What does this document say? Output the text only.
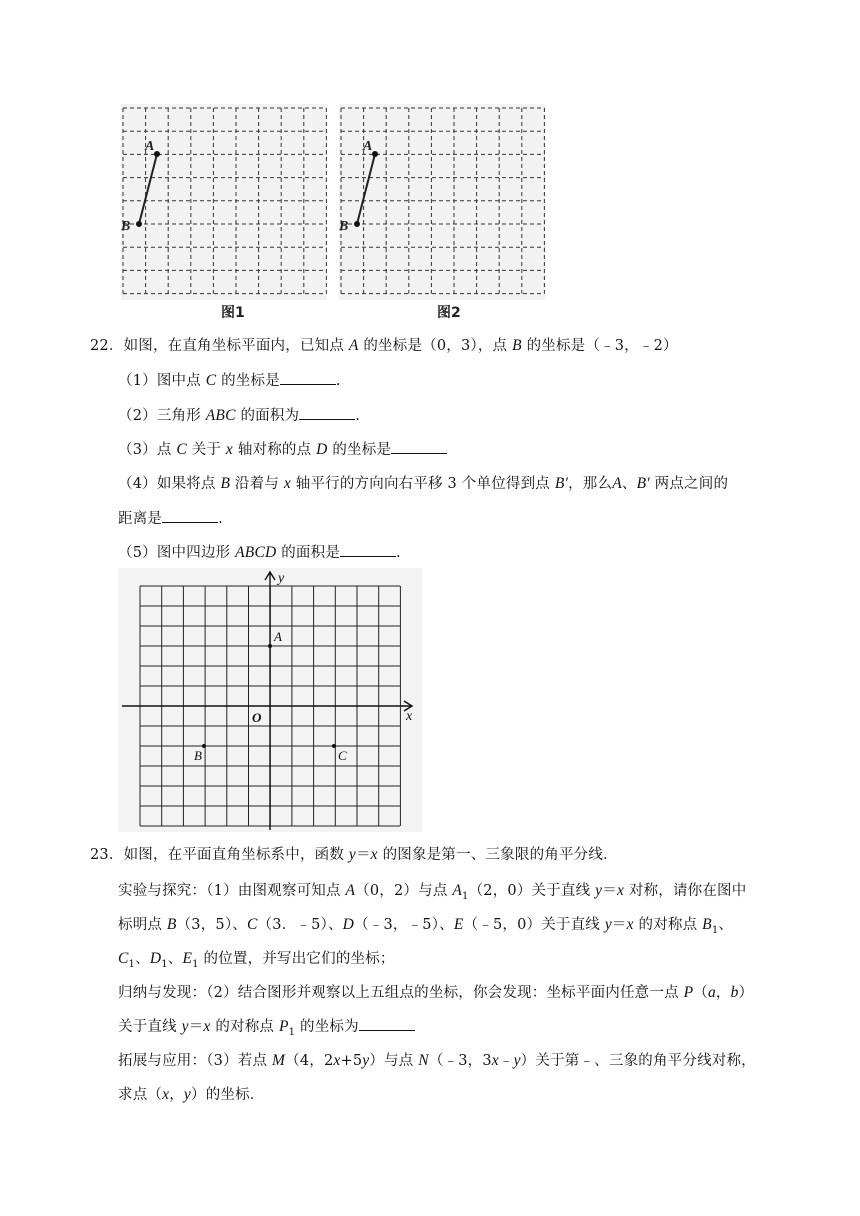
A
B
A
B
图1	图2
22．如图，在直角坐标平面内，已知点 A 的坐标是（0，3），点 B 的坐标是（﹣3，﹣2）
（1）图中点 C 的坐标是	.
（2）三角形 ABC 的面积为	.
（3）点 C 关于 x 轴对称的点 D 的坐标是
（4）如果将点 B 沿着与 x 轴平行的方向向右平移 3 个单位得到点 B′，那么A、B′ 两点之间的
距离是	.
（5）图中四边形 ABCD 的面积是	.
y
x
O
A
B	C
23．如图，在平面直角坐标系中，函数 y＝x 的图象是第一、三象限的角平分线．
实验与探究：（1）由图观察可知点 A（0，2）与点 $A_1(2$，0）关于直线 y＝x 对称，请你在图中
标明点 B（3，5）、C（3．﹣5）、D（﹣3，﹣5）、E（﹣5，0）关于直线 y＝x 的对称点 $B_1$、
$C_1$、$D_1$、$E_1$ 的位置，并写出它们的坐标；
归纳与发现：（2）结合图形并观察以上五组点的坐标，你会发现：坐标平面内任意一点 P（a，b）
关于直线 y＝x 的对称点 $P_1$ 的坐标为
拓展与应用：（3）若点 M（4，2x+5y）与点 N（﹣3，3x﹣y）关于第﹣、三象的角平分线对称，
求点（x，y）的坐标．
